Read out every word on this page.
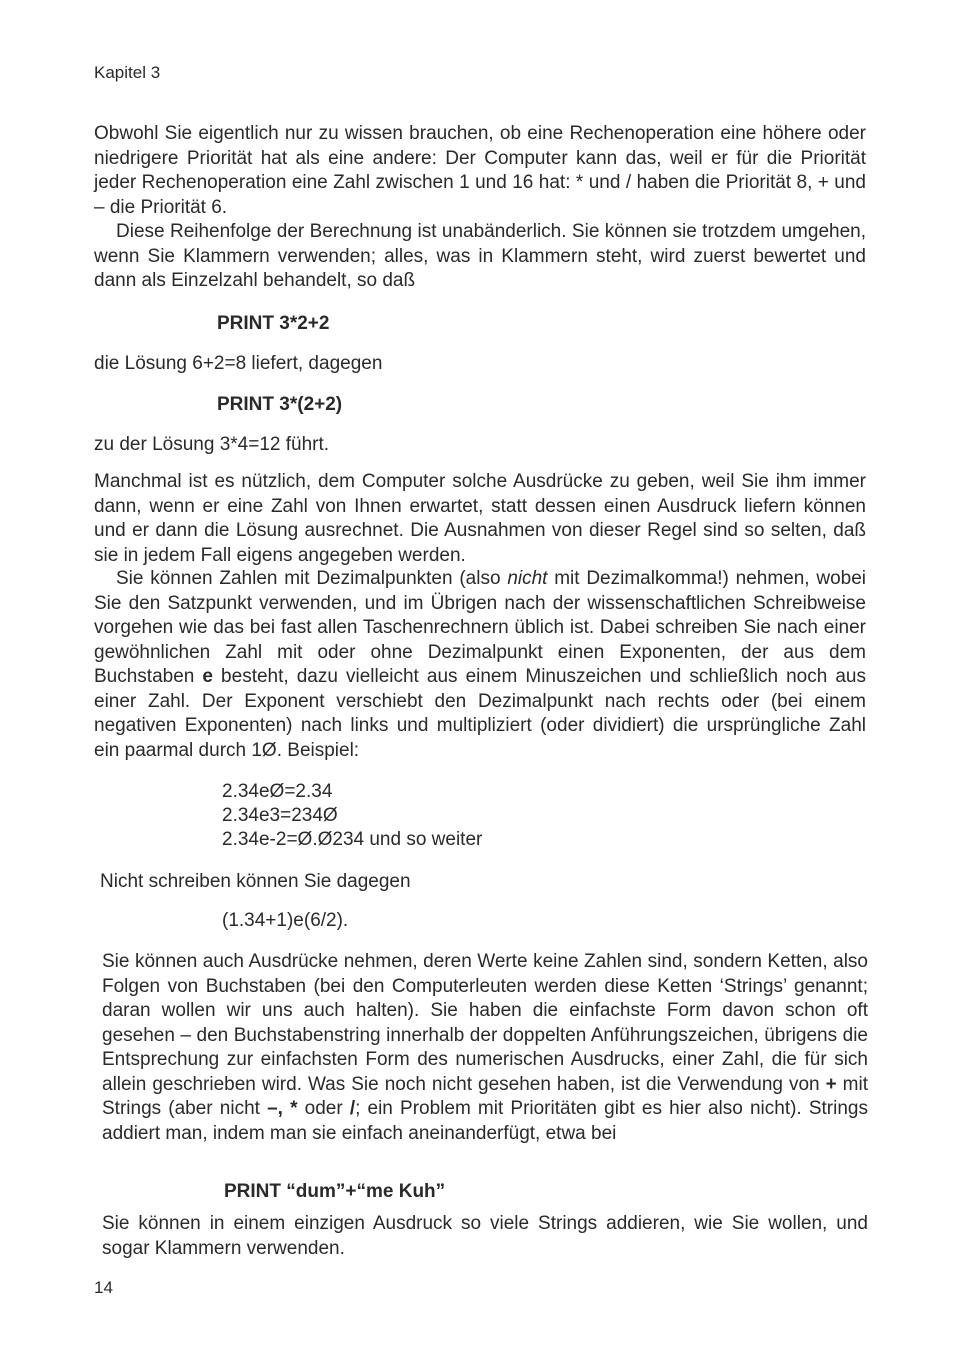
Kapitel 3

Obwohl Sie eigentlich nur zu wissen brauchen, ob eine Rechenoperation eine höhere oder niedrigere Priorität hat als eine andere: Der Computer kann das, weil er für die Priorität jeder Rechenoperation eine Zahl zwischen 1 und 16 hat: * und / haben die Priorität 8, + und – die Priorität 6.

Diese Reihenfolge der Berechnung ist unabänderlich. Sie können sie trotzdem umgehen, wenn Sie Klammern verwenden; alles, was in Klammern steht, wird zuerst bewertet und dann als Einzelzahl behandelt, so daß

PRINT 3*2+2

die Lösung 6+2=8 liefert, dagegen

PRINT 3*(2+2)

zu der Lösung 3*4=12 führt.

Manchmal ist es nützlich, dem Computer solche Ausdrücke zu geben, weil Sie ihm immer dann, wenn er eine Zahl von Ihnen erwartet, statt dessen einen Ausdruck liefern können und er dann die Lösung ausrechnet. Die Ausnahmen von dieser Regel sind so selten, daß sie in jedem Fall eigens angegeben werden.

Sie können Zahlen mit Dezimalpunkten (also nicht mit Dezimalkomma!) nehmen, wobei Sie den Satzpunkt verwenden, und im Übrigen nach der wissenschaftlichen Schreibweise vorgehen wie das bei fast allen Taschenrechnern üblich ist. Dabei schreiben Sie nach einer gewöhnlichen Zahl mit oder ohne Dezimalpunkt einen Exponenten, der aus dem Buchstaben e besteht, dazu vielleicht aus einem Minuszeichen und schließlich noch aus einer Zahl. Der Exponent verschiebt den Dezimalpunkt nach rechts oder (bei einem negativen Exponenten) nach links und multipliziert (oder dividiert) die ursprüngliche Zahl ein paarmal durch 1Ø. Beispiel:

2.34eØ=2.34
2.34e3=234Ø
2.34e-2=Ø.Ø234 und so weiter

Nicht schreiben können Sie dagegen

(1.34+1)e(6/2).

Sie können auch Ausdrücke nehmen, deren Werte keine Zahlen sind, sondern Ketten, also Folgen von Buchstaben (bei den Computerleuten werden diese Ketten ‘Strings’ genannt; daran wollen wir uns auch halten). Sie haben die einfachste Form davon schon oft gesehen – den Buchstabenstring innerhalb der doppelten Anführungszeichen, übrigens die Entsprechung zur einfachsten Form des numerischen Ausdrucks, einer Zahl, die für sich allein geschrieben wird. Was Sie noch nicht gesehen haben, ist die Verwendung von + mit Strings (aber nicht –, * oder /; ein Problem mit Prioritäten gibt es hier also nicht). Strings addiert man, indem man sie einfach aneinanderfügt, etwa bei

PRINT “dum”+“me Kuh”

Sie können in einem einzigen Ausdruck so viele Strings addieren, wie Sie wollen, und sogar Klammern verwenden.

14
